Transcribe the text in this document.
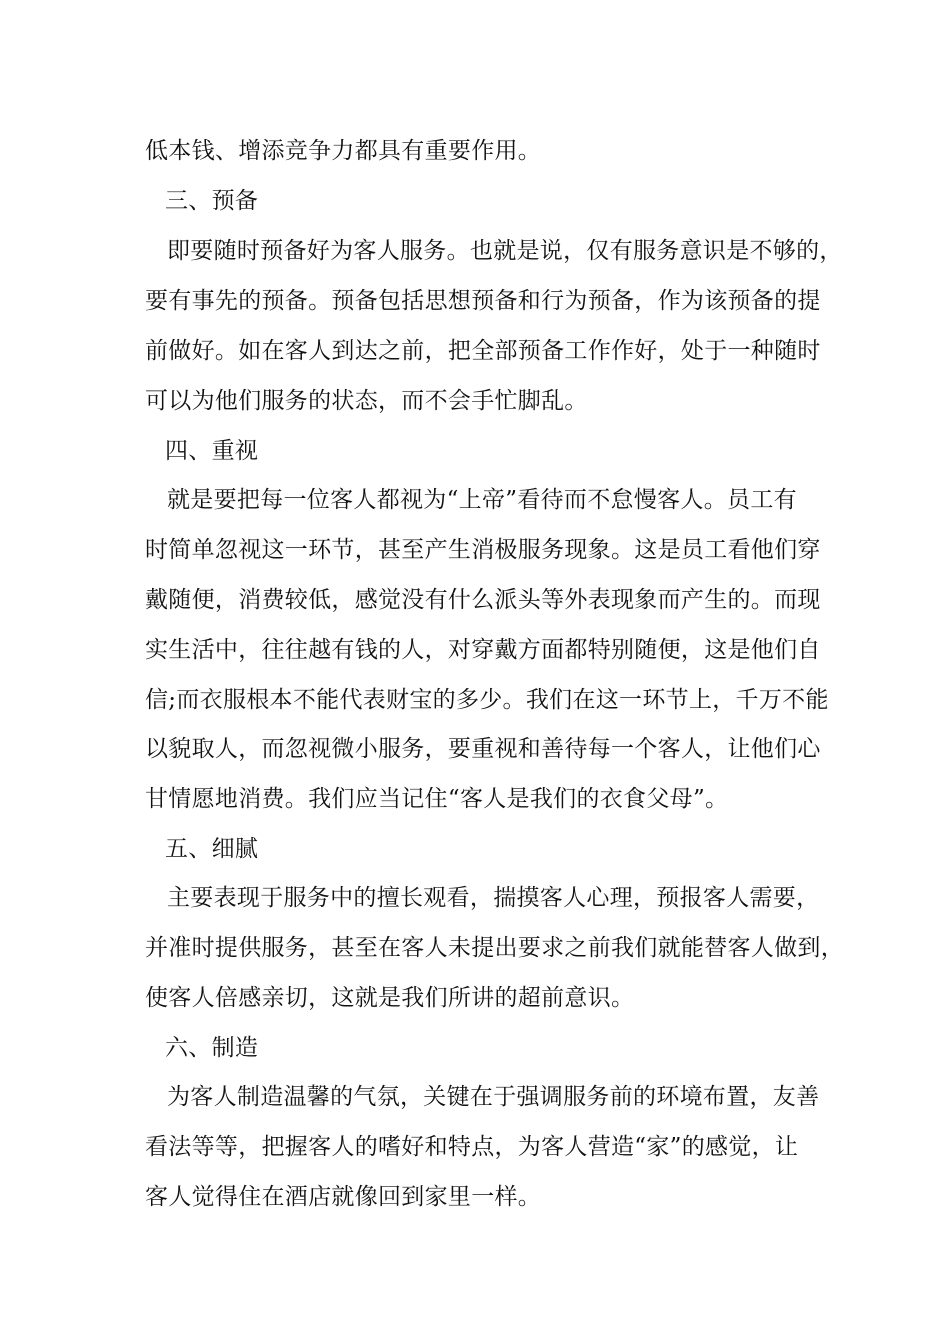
低本钱、增添竞争力都具有重要作用。
三、预备
即要随时预备好为客人服务。也就是说，仅有服务意识是不够的，
要有事先的预备。预备包括思想预备和行为预备，作为该预备的提
前做好。如在客人到达之前，把全部预备工作作好，处于一种随时
可以为他们服务的状态，而不会手忙脚乱。
四、重视
就是要把每一位客人都视为“上帝”看待而不怠慢客人。员工有
时简单忽视这一环节，甚至产生消极服务现象。这是员工看他们穿
戴随便，消费较低，感觉没有什么派头等外表现象而产生的。而现
实生活中，往往越有钱的人，对穿戴方面都特别随便，这是他们自
信;而衣服根本不能代表财宝的多少。我们在这一环节上，千万不能
以貌取人，而忽视微小服务，要重视和善待每一个客人，让他们心
甘情愿地消费。我们应当记住“客人是我们的衣食父母”。
五、细腻
主要表现于服务中的擅长观看，揣摸客人心理，预报客人需要，
并准时提供服务，甚至在客人未提出要求之前我们就能替客人做到，
使客人倍感亲切，这就是我们所讲的超前意识。
六、制造
为客人制造温馨的气氛，关键在于强调服务前的环境布置，友善
看法等等，把握客人的嗜好和特点，为客人营造“家”的感觉，让
客人觉得住在酒店就像回到家里一样。
